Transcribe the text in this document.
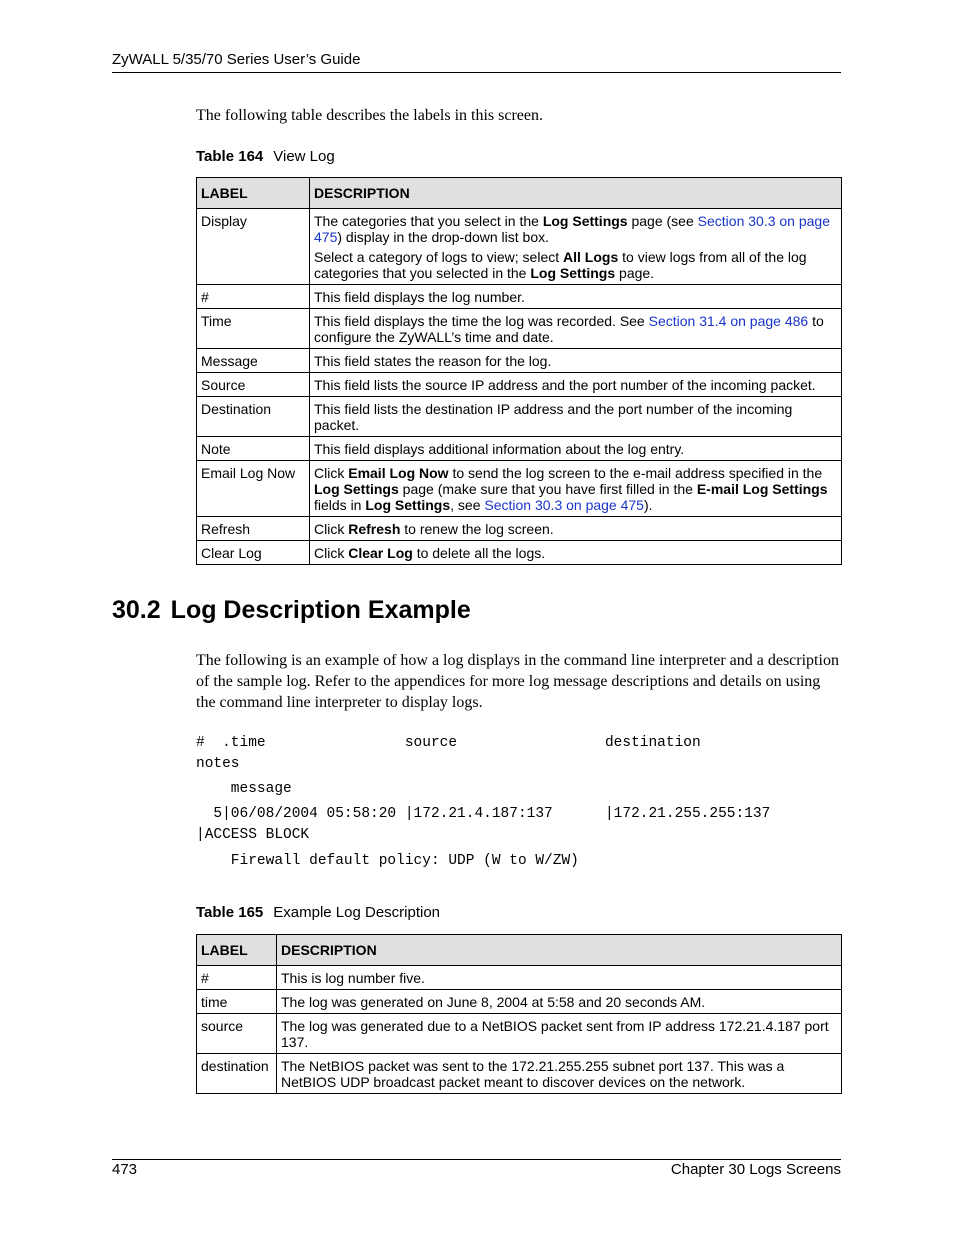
ZyWALL 5/35/70 Series User’s Guide
The following table describes the labels in this screen.
Table 164 View Log
LABEL	DESCRIPTION
Display	The categories that you select in the Log Settings page (see Section 30.3 on page 475) display in the drop-down list box.

Select a category of logs to view; select All Logs to view logs from all of the log categories that you selected in the Log Settings page.

#	This field displays the log number.
Time	This field displays the time the log was recorded. See Section 31.4 on page 486 to configure the ZyWALL’s time and date.
Message	This field states the reason for the log.
Source	This field lists the source IP address and the port number of the incoming packet.
Destination	This field lists the destination IP address and the port number of the incoming packet.
Note	This field displays additional information about the log entry.
Email Log Now	Click Email Log Now to send the log screen to the e-mail address specified in the Log Settings page (make sure that you have first filled in the E-mail Log Settings fields in Log Settings, see Section 30.3 on page 475).
Refresh	Click Refresh to renew the log screen.
Clear Log	Click Clear Log to delete all the logs.
30.2 Log Description Example

The following is an example of how a log displays in the command line interpreter and a description of the sample log. Refer to the appendices for more log message descriptions and details on using the command line interpreter to display logs.

#  .time                source                 destination
notes
message
5|06/08/2004 05:58:20 |172.21.4.187:137      |172.21.255.255:137
|ACCESS BLOCK
Firewall default policy: UDP (W to W/ZW)
Table 165 Example Log Description
LABEL	DESCRIPTION
#	This is log number five.
time	The log was generated on June 8, 2004 at 5:58 and 20 seconds AM.
source	The log was generated due to a NetBIOS packet sent from IP address 172.21.4.187 port 137.
destination	The NetBIOS packet was sent to the 172.21.255.255 subnet port 137. This was a NetBIOS UDP broadcast packet meant to discover devices on the network.
473	Chapter 30 Logs Screens
